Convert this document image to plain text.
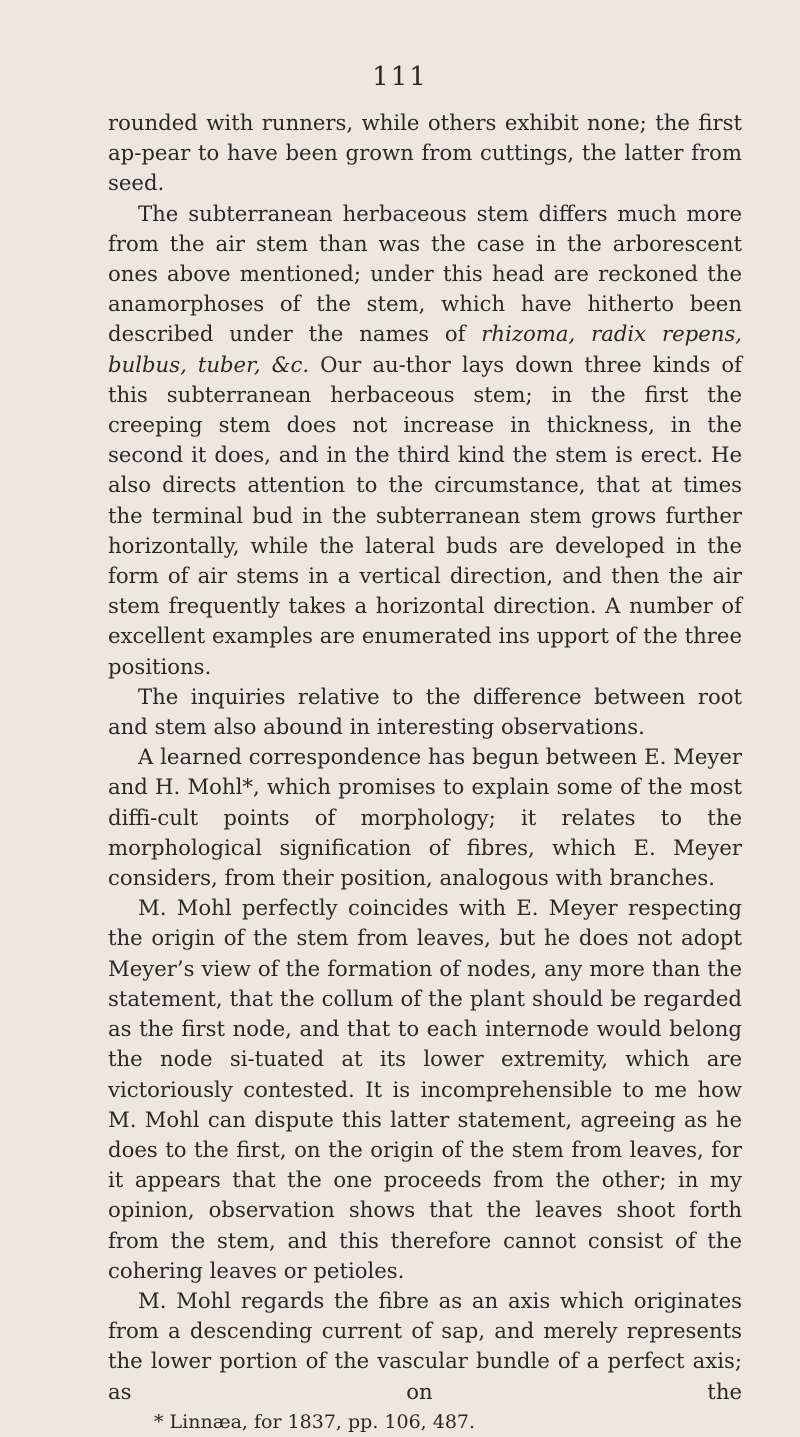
111

rounded with runners, while others exhibit none; the first ap-pear to have been grown from cuttings, the latter from seed.

The subterranean herbaceous stem differs much more from the air stem than was the case in the arborescent ones above mentioned; under this head are reckoned the anamorphoses of the stem, which have hitherto been described under the names of rhizoma, radix repens, bulbus, tuber, &c. Our au-thor lays down three kinds of this subterranean herbaceous stem; in the first the creeping stem does not increase in thickness, in the second it does, and in the third kind the stem is erect. He also directs attention to the circumstance, that at times the terminal bud in the subterranean stem grows further horizontally, while the lateral buds are developed in the form of air stems in a vertical direction, and then the air stem frequently takes a horizontal direction. A number of excellent examples are enumerated ins upport of the three positions.

The inquiries relative to the difference between root and stem also abound in interesting observations.

A learned correspondence has begun between E. Meyer and H. Mohl*, which promises to explain some of the most diffi-cult points of morphology; it relates to the morphological signification of fibres, which E. Meyer considers, from their position, analogous with branches.

M. Mohl perfectly coincides with E. Meyer respecting the origin of the stem from leaves, but he does not adopt Meyer’s view of the formation of nodes, any more than the statement, that the collum of the plant should be regarded as the first node, and that to each internode would belong the node si-tuated at its lower extremity, which are victoriously contested. It is incomprehensible to me how M. Mohl can dispute this latter statement, agreeing as he does to the first, on the origin of the stem from leaves, for it appears that the one proceeds from the other; in my opinion, observation shows that the leaves shoot forth from the stem, and this therefore cannot consist of the cohering leaves or petioles.

M. Mohl regards the fibre as an axis which originates from a descending current of sap, and merely represents the lower portion of the vascular bundle of a perfect axis; as on the

* Linnæa, for 1837, pp. 106, 487.
